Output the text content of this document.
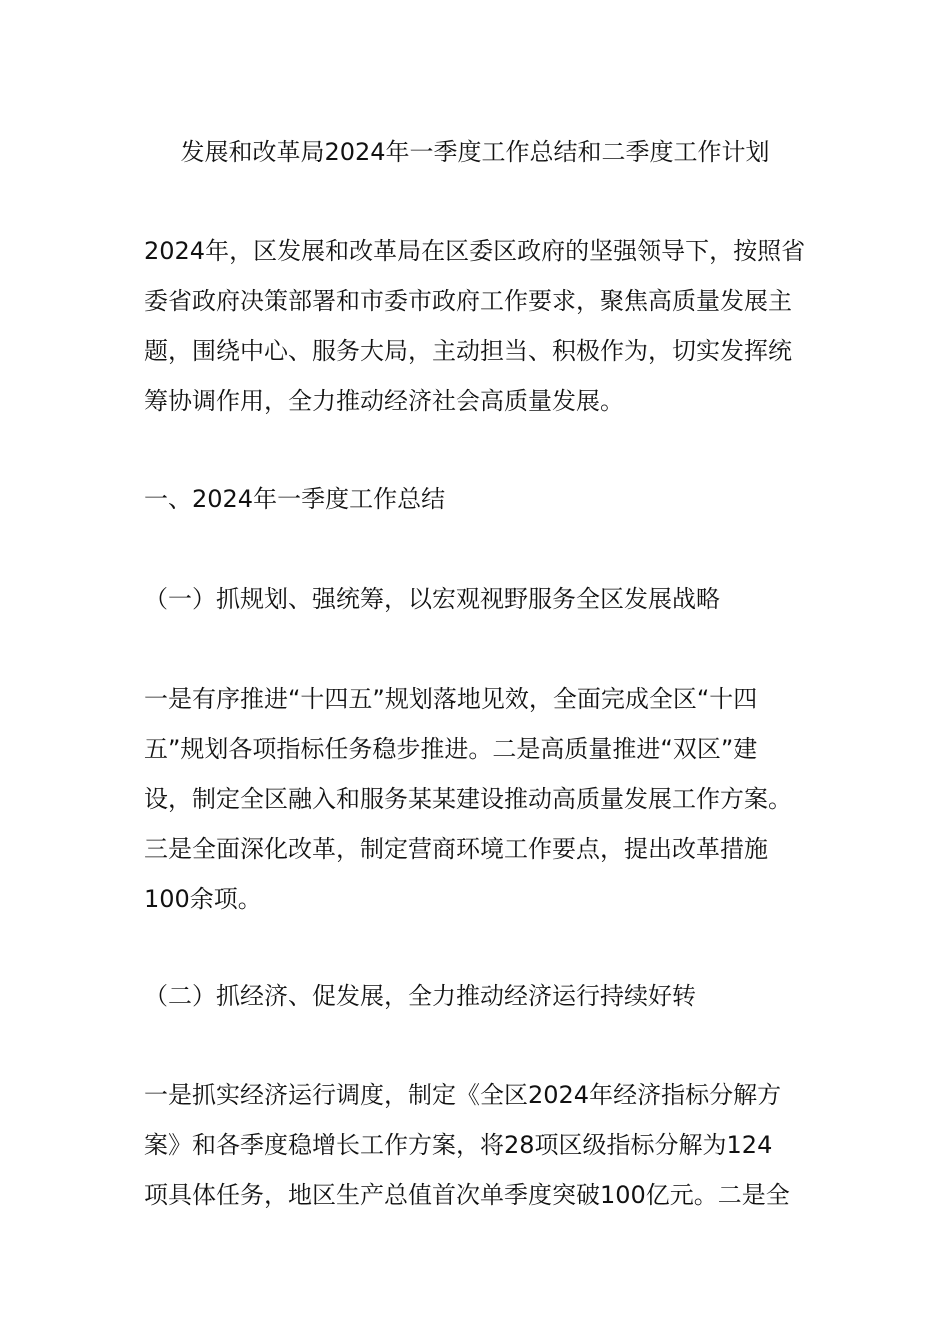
发展和改革局2024年一季度工作总结和二季度工作计划
2024年，区发展和改革局在区委区政府的坚强领导下，按照省
委省政府决策部署和市委市政府工作要求，聚焦高质量发展主
题，围绕中心、服务大局，主动担当、积极作为，切实发挥统
筹协调作用，全力推动经济社会高质量发展。
一、2024年一季度工作总结
（一）抓规划、强统筹，以宏观视野服务全区发展战略
一是有序推进“十四五”规划落地见效，全面完成全区“十四
五”规划各项指标任务稳步推进。二是高质量推进“双区”建
设，制定全区融入和服务某某建设推动高质量发展工作方案。
三是全面深化改革，制定营商环境工作要点，提出改革措施
100余项。
（二）抓经济、促发展，全力推动经济运行持续好转
一是抓实经济运行调度，制定《全区2024年经济指标分解方
案》和各季度稳增长工作方案，将28项区级指标分解为124
项具体任务，地区生产总值首次单季度突破100亿元。二是全
